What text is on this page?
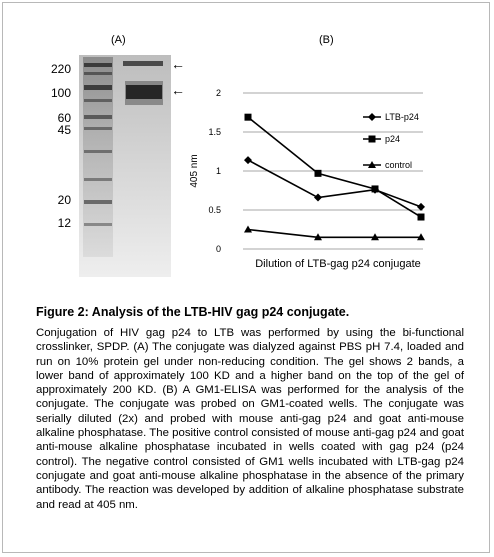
(A)	(B)
220
100
60
45
20
12
←
←
0
0.5
1
1.5
2
405 nm
Dilution of LTB-gag p24 conjugate
LTB-p24
p24
control
Figure 2: Analysis of the LTB-HIV gag p24 conjugate.
Conjugation of HIV gag p24 to LTB was performed by using the bi-functional crosslinker, SPDP. (A) The conjugate was dialyzed against PBS pH 7.4, loaded and run on 10% protein gel under non-reducing condition. The gel shows 2 bands, a lower band of approximately 100 KD and a higher band on the top of the gel of approximately 200 KD. (B) A GM1-ELISA was performed for the analysis of the conjugate. The conjugate was probed on GM1-coated wells. The conjugate was serially diluted (2x) and probed with mouse anti-gag p24 and goat anti-mouse alkaline phosphatase. The positive control consisted of mouse anti-gag p24 and goat anti-mouse alkaline phosphatase incubated in wells coated with gag p24 (p24 control). The negative control consisted of GM1 wells incubated with LTB-gag p24 conjugate and goat anti-mouse alkaline phosphatase in the absence of the primary antibody. The reaction was developed by addition of alkaline phosphatase substrate and read at 405 nm.
